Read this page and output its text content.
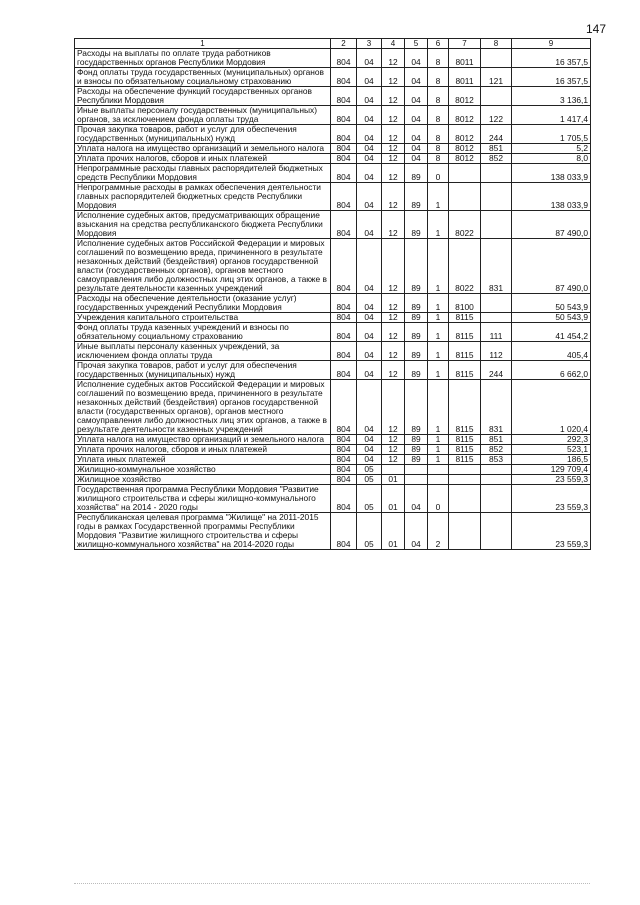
147
1	2	3	4	5	6	7	8	9
Расходы на выплаты по оплате труда работников государственных органов Республики Мордовия	804	04	12	04	8	8011		16 357,5
Фонд оплаты труда государственных (муниципальных) органов и взносы по обязательному социальному страхованию	804	04	12	04	8	8011	121	16 357,5
Расходы на обеспечение функций государственных органов Республики Мордовия	804	04	12	04	8	8012		3 136,1
Иные выплаты персоналу государственных (муниципальных) органов, за исключением фонда оплаты труда	804	04	12	04	8	8012	122	1 417,4
Прочая закупка товаров, работ и услуг для обеспечения государственных (муниципальных) нужд	804	04	12	04	8	8012	244	1 705,5
Уплата налога на имущество организаций и земельного налога	804	04	12	04	8	8012	851	5,2
Уплата прочих налогов, сборов и иных платежей	804	04	12	04	8	8012	852	8,0
Непрограммные расходы главных распорядителей бюджетных средств Республики Мордовия	804	04	12	89	0			138 033,9
Непрограммные расходы в рамках обеспечения деятельности главных распорядителей бюджетных средств Республики Мордовия	804	04	12	89	1			138 033,9
Исполнение судебных актов, предусматривающих обращение взыскания на средства республиканского бюджета Республики Мордовия	804	04	12	89	1	8022		87 490,0
Исполнение судебных актов Российской Федерации и мировых соглашений по возмещению вреда, причиненного в результате незаконных действий (бездействия) органов государственной власти (государственных органов), органов местного самоуправления либо должностных лиц этих органов, а также в результате деятельности казенных учреждений	804	04	12	89	1	8022	831	87 490,0
Расходы на обеспечение деятельности (оказание услуг) государственных учреждений Республики Мордовия	804	04	12	89	1	8100		50 543,9
Учреждения капитального строительства	804	04	12	89	1	8115		50 543,9
Фонд оплаты труда казенных учреждений и взносы по обязательному социальному страхованию	804	04	12	89	1	8115	111	41 454,2
Иные выплаты персоналу казенных учреждений, за исключением фонда оплаты труда	804	04	12	89	1	8115	112	405,4
Прочая закупка товаров, работ и услуг для обеспечения государственных (муниципальных) нужд	804	04	12	89	1	8115	244	6 662,0
Исполнение судебных актов Российской Федерации и мировых соглашений по возмещению вреда, причиненного в результате незаконных действий (бездействия) органов государственной власти (государственных органов), органов местного самоуправления либо должностных лиц этих органов, а также в результате деятельности казенных учреждений	804	04	12	89	1	8115	831	1 020,4
Уплата налога на имущество организаций и земельного налога	804	04	12	89	1	8115	851	292,3
Уплата прочих налогов, сборов и иных платежей	804	04	12	89	1	8115	852	523,1
Уплата иных платежей	804	04	12	89	1	8115	853	186,5
Жилищно-коммунальное хозяйство	804	05						129 709,4
Жилищное хозяйство	804	05	01					23 559,3
Государственная программа Республики Мордовия "Развитие жилищного строительства и сферы жилищно-коммунального хозяйства" на 2014 - 2020 годы	804	05	01	04	0			23 559,3
Республиканская целевая программа "Жилище" на 2011-2015 годы в рамках Государственной программы Республики Мордовия "Развитие жилищного строительства и сферы жилищно-коммунального хозяйства" на 2014-2020 годы	804	05	01	04	2			23 559,3
